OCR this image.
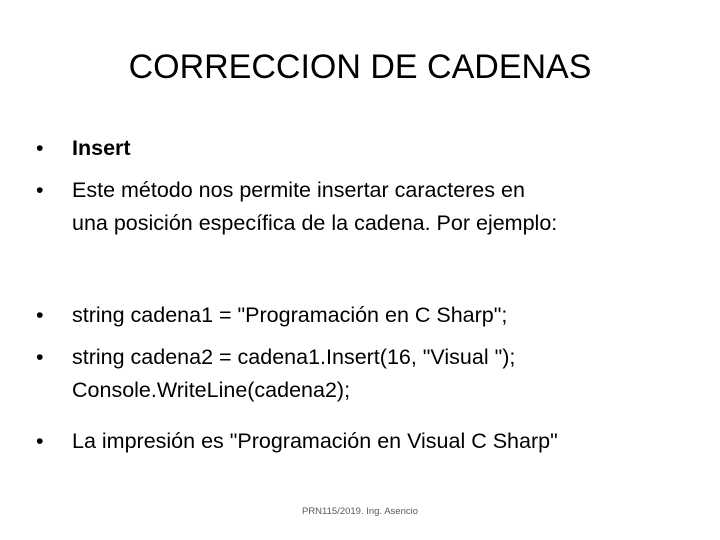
CORRECCION DE CADENAS
•	Insert
•	Este método nos permite insertar caracteres en
una posición específica de la cadena. Por ejemplo:
•	string cadena1 = "Programación en C Sharp";
•	string cadena2 = cadena1.Insert(16, "Visual ");
Console.WriteLine(cadena2);
•	La impresión es "Programación en Visual C Sharp"
PRN115/2019. Ing. Asencio
